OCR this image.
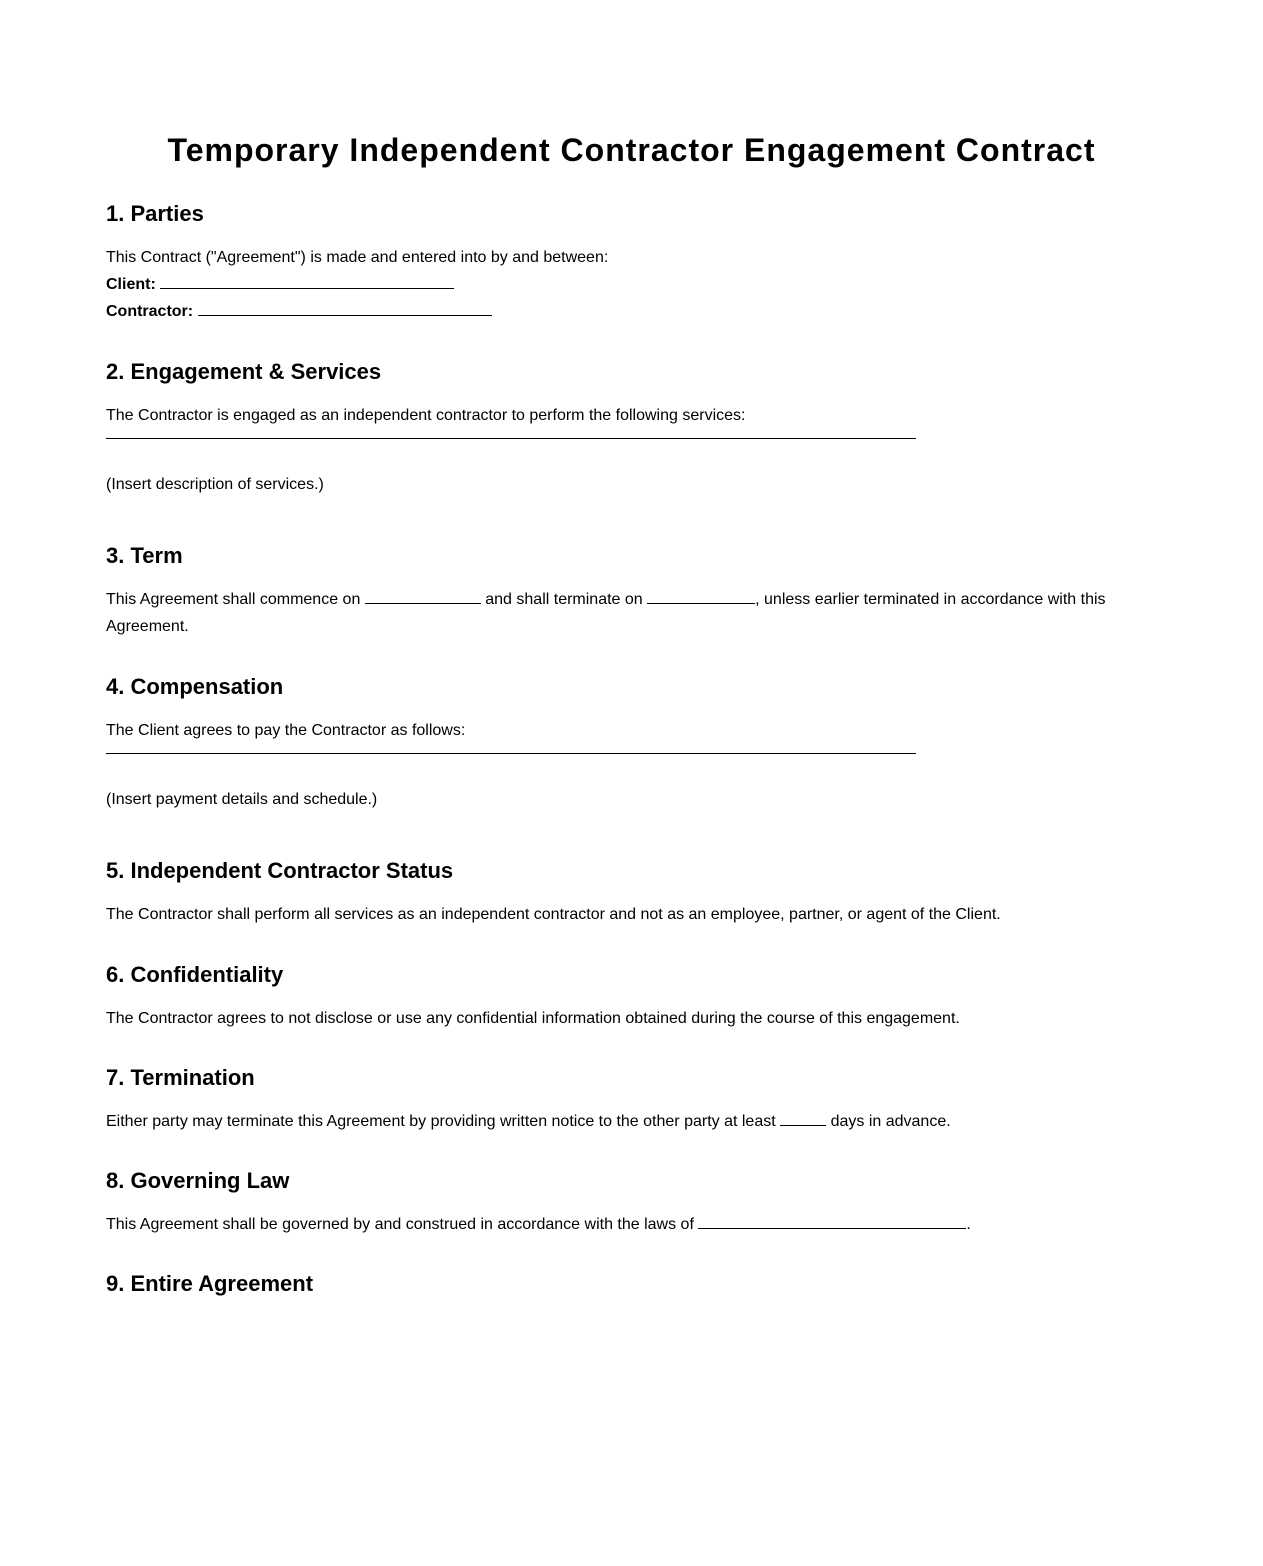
Temporary Independent Contractor Engagement Contract
1. Parties

This Contract ("Agreement") is made and entered into by and between:

Client:

Contractor:

2. Engagement & Services

The Contractor is engaged as an independent contractor to perform the following services:

(Insert description of services.)

3. Term

This Agreement shall commence on	and shall terminate on	, unless earlier terminated in accordance with this Agreement.

4. Compensation

The Client agrees to pay the Contractor as follows:

(Insert payment details and schedule.)

5. Independent Contractor Status

The Contractor shall perform all services as an independent contractor and not as an employee, partner, or agent of the Client.

6. Confidentiality

The Contractor agrees to not disclose or use any confidential information obtained during the course of this engagement.

7. Termination

Either party may terminate this Agreement by providing written notice to the other party at least	days in advance.

8. Governing Law

This Agreement shall be governed by and construed in accordance with the laws of	.

9. Entire Agreement
